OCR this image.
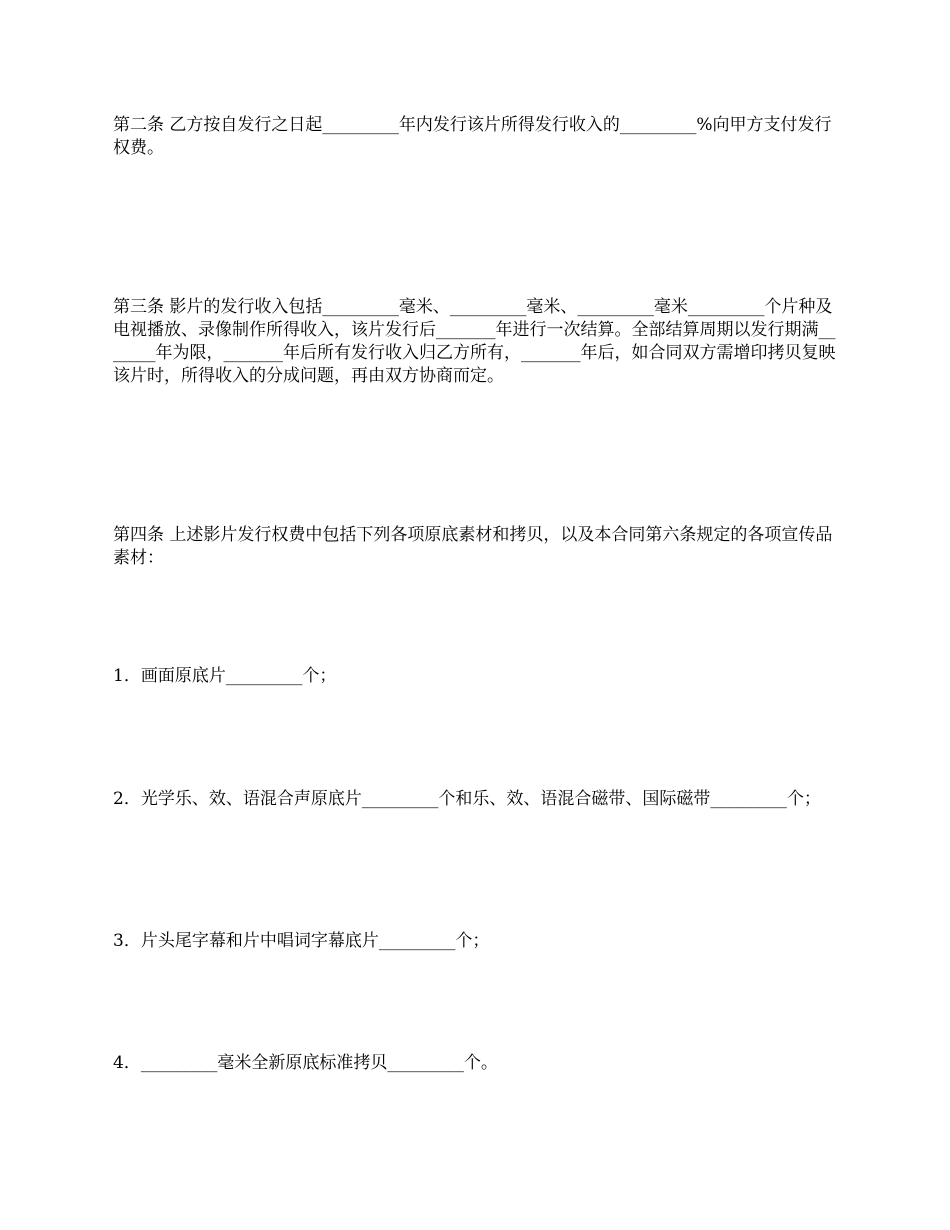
第二条 乙方按自发行之日起_________年内发行该片所得发行收入的_________%向甲方支付发行权费。

第三条 影片的发行收入包括_________毫米、_________毫米、_________毫米_________个片种及电视播放、录像制作所得收入，该片发行后_______年进行一次结算。全部结算周期以发行期满_______年为限，_______年后所有发行收入归乙方所有，_______年后，如合同双方需增印拷贝复映该片时，所得收入的分成问题，再由双方协商而定。

第四条 上述影片发行权费中包括下列各项原底素材和拷贝，以及本合同第六条规定的各项宣传品素材：

1．画面原底片_________个；

2．光学乐、效、语混合声原底片_________个和乐、效、语混合磁带、国际磁带_________个；

3．片头尾字幕和片中唱词字幕底片_________个；

4．_________毫米全新原底标准拷贝_________个。
